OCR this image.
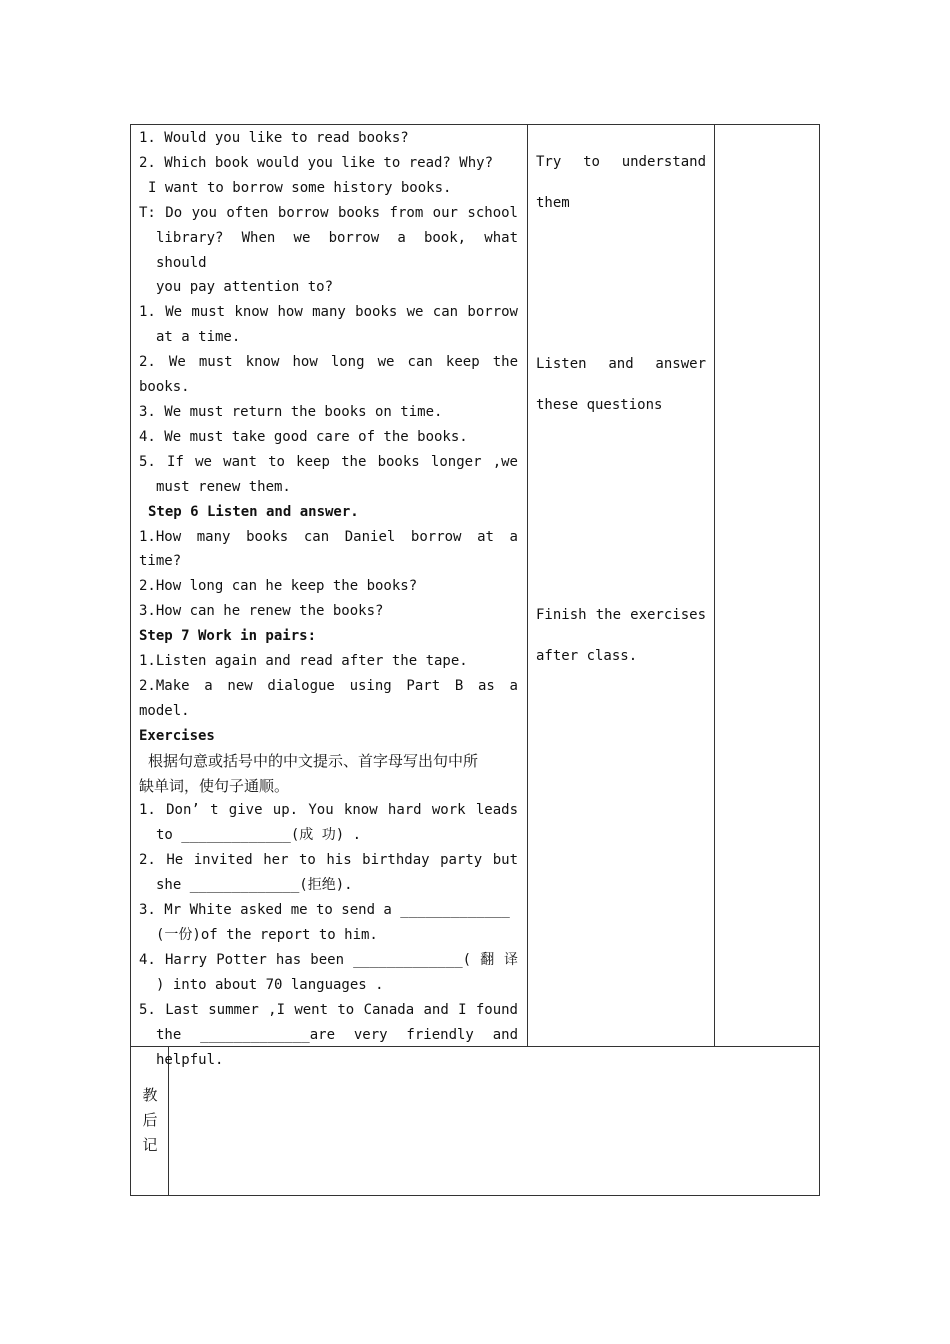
1. Would you like to read books?

2. Which book would you like to read? Why?

I want to borrow some history books.

T: Do you often borrow books from our school

library? When we borrow a book, what should

you pay attention to?

1. We must know how many books we can borrow

at a time.

2. We must know how long we can keep the

books.

3. We must return the books on time.

4. We must take good care of the books.

5. If we want to keep the books longer ,we

must renew them.

Step 6 Listen and answer.

1.How many books can Daniel borrow at a

time?

2.How long can he keep the books?

3.How can he renew the books?

Step 7 Work in pairs:

1.Listen again and read after the tape.

2.Make a new dialogue using Part B as a

model.

Exercises

根据句意或括号中的中文提示、首字母写出句中所

缺单词，使句子通顺。

1. Don’ t give up. You know hard work leads

to _____________(成 功) .

2. He invited her to his birthday party but

she _____________(拒绝).

3. Mr White asked me to send a _____________

(一份)of the report to him.

4. Harry Potter has been _____________( 翻 译

) into about 70 languages .

5. Last summer ,I went to Canada and I found

the _____________are very friendly and

helpful.

Try to understand

them

Listen and answer

these questions

Finish the exercises

after class.

教
后
记
